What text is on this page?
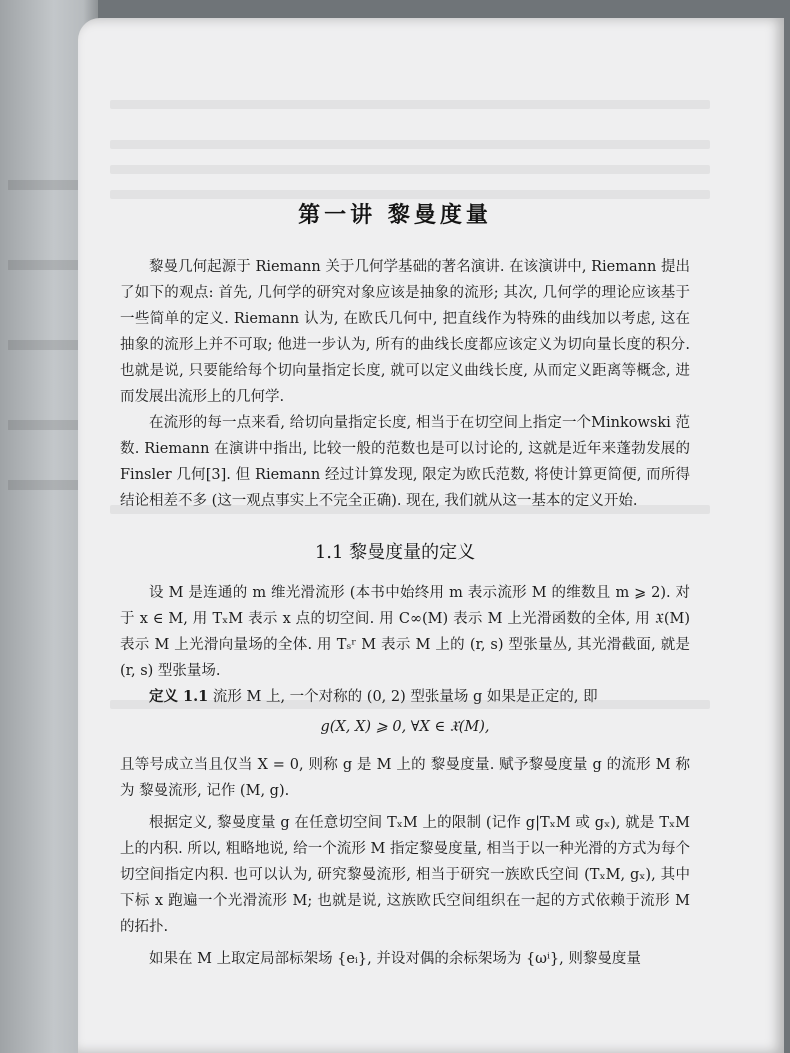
第一讲 黎曼度量

黎曼几何起源于 Riemann 关于几何学基础的著名演讲. 在该演讲中, Riemann 提出了如下的观点: 首先, 几何学的研究对象应该是抽象的流形; 其次, 几何学的理论应该基于一些简单的定义. Riemann 认为, 在欧氏几何中, 把直线作为特殊的曲线加以考虑, 这在抽象的流形上并不可取; 他进一步认为, 所有的曲线长度都应该定义为切向量长度的积分. 也就是说, 只要能给每个切向量指定长度, 就可以定义曲线长度, 从而定义距离等概念, 进而发展出流形上的几何学.

在流形的每一点来看, 给切向量指定长度, 相当于在切空间上指定一个Minkowski 范数. Riemann 在演讲中指出, 比较一般的范数也是可以讨论的, 这就是近年来蓬勃发展的 Finsler 几何[3]. 但 Riemann 经过计算发现, 限定为欧氏范数, 将使计算更简便, 而所得结论相差不多 (这一观点事实上不完全正确). 现在, 我们就从这一基本的定义开始.

1.1 黎曼度量的定义

设 M 是连通的 m 维光滑流形 (本书中始终用 m 表示流形 M 的维数且 m ⩾ 2). 对于 x ∈ M, 用 TₓM 表示 x 点的切空间. 用 C∞(M) 表示 M 上光滑函数的全体, 用 𝔛(M) 表示 M 上光滑向量场的全体. 用 Tₛʳ M 表示 M 上的 (r, s) 型张量丛, 其光滑截面, 就是 (r, s) 型张量场.

定义 1.1 流形 M 上, 一个对称的 (0, 2) 型张量场 g 如果是正定的, 即

g(X, X) ⩾ 0, ∀X ∈ 𝔛(M),

且等号成立当且仅当 X = 0, 则称 g 是 M 上的 黎曼度量. 赋予黎曼度量 g 的流形 M 称为 黎曼流形, 记作 (M, g).

根据定义, 黎曼度量 g 在任意切空间 TₓM 上的限制 (记作 g|TₓM 或 gₓ), 就是 TₓM 上的内积. 所以, 粗略地说, 给一个流形 M 指定黎曼度量, 相当于以一种光滑的方式为每个切空间指定内积. 也可以认为, 研究黎曼流形, 相当于研究一族欧氏空间 (TₓM, gₓ), 其中下标 x 跑遍一个光滑流形 M; 也就是说, 这族欧氏空间组织在一起的方式依赖于流形 M 的拓扑.

如果在 M 上取定局部标架场 {eᵢ}, 并设对偶的余标架场为 {ωⁱ}, 则黎曼度量
